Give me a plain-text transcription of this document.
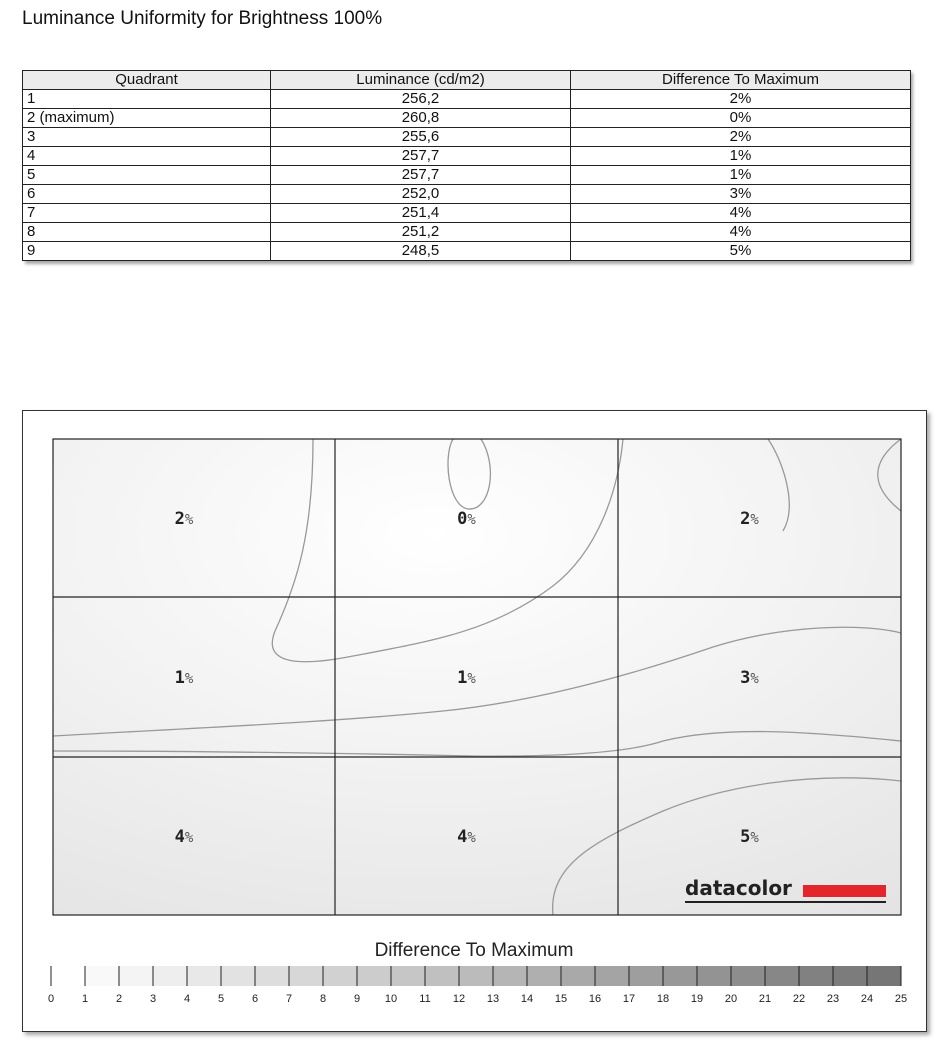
Luminance Uniformity for Brightness 100%
Quadrant	Luminance (cd/m2)	Difference To Maximum
1	256,2	2%
2 (maximum)	260,8	0%
3	255,6	2%
4	257,7	1%
5	257,7	1%
6	252,0	3%
7	251,4	4%
8	251,2	4%
9	248,5	5%
2%	0%	2%
1%	1%	3%
4%	4%	5%
datacolor
Difference To Maximum
0	1	2	3	4	5	6	7	8	9 10 11 12 13 14 15 16 17 18 19 20 21 22 23 24 25
